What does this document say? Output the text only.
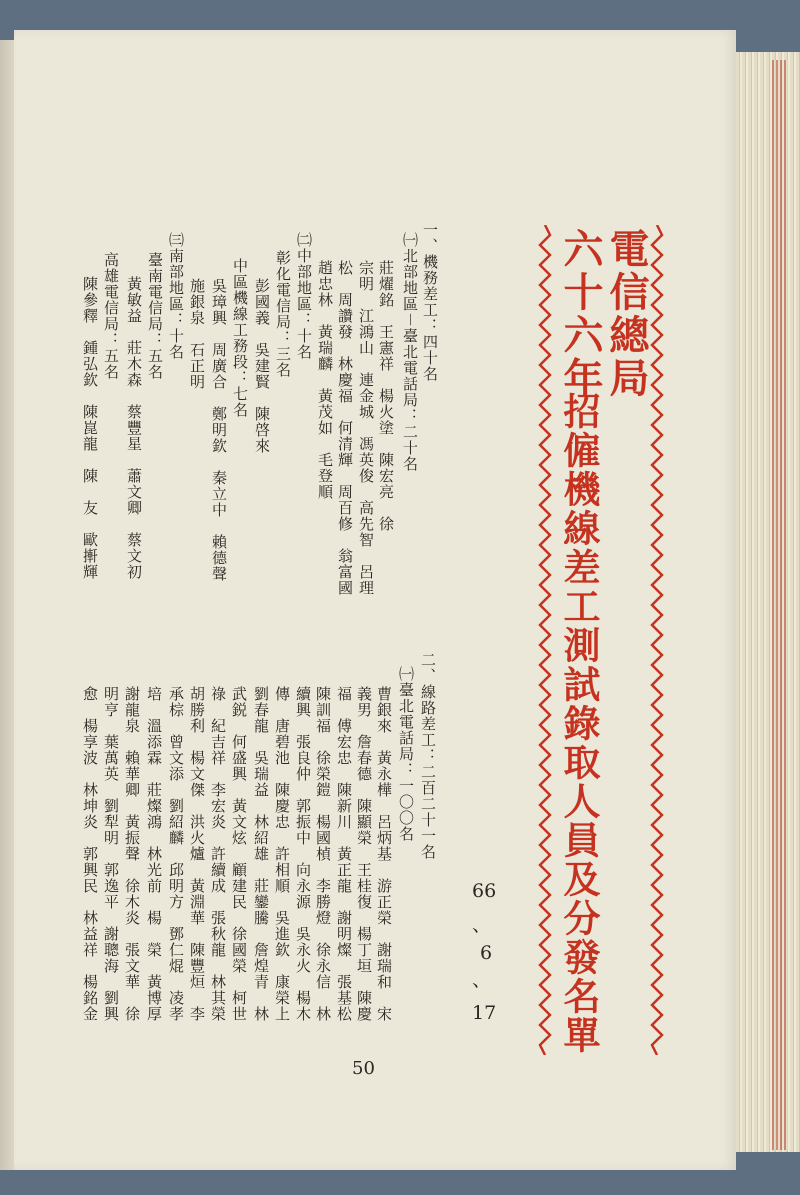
電信總局
六十六年
招僱機線差工測試錄取人員及分發名單
66
、
6
、
17
一、機務差工：四十名
㈠北部地區－臺北電話局：二十名
莊燿銘　王憲祥　楊火塗　陳宏亮　徐
宗明　江鴻山　連金城　馮英俊　高先智　呂理
松　周讚發　林慶福　何清輝　周百修　翁富國
趙忠林　黃瑞麟　黃茂如　毛登順
㈡中部地區：十名
彰化電信局：三名
彭國義　吳建賢　陳啓來
中區機線工務段：七名
吳璋興　周廣合　鄭明欽　秦立中　賴德聲
施銀泉　石正明
㈢南部地區：十名
臺南電信局：五名
黃敏益　莊木森　蔡豐星　蕭文卿　蔡文初
高雄電信局：五名
陳參釋　鍾弘欽　陳崑龍　陳　友　歐搟輝
二、線路差工：二百二十一名
㈠臺北電話局：一〇〇名
曹銀來　黃永樺　呂炳基　游正榮　謝瑞和　宋
義男　詹春德　陳顯榮　王桂復　楊丁垣　陳慶
福　傅宏忠　陳新川　黃正龍　謝明燦　張基松
陳訓福　徐榮鎧　楊國楨　李勝燈　徐永信　林
續興　張良仲　郭振中　向永源　吳永火　楊木
傳　唐碧池　陳慶忠　許相順　吳進欽　康榮上
劉春龍　吳瑞益　林紹雄　莊鑾騰　詹煌青　林
武鋭　何盛興　黃文炫　顧建民　徐國榮　柯世
祿　紀吉祥　李宏炎　許續成　張秋龍　林其榮
胡勝利　楊文傑　洪火爐　黃淵華　陳豐烜　李
承棕　曾文添　劉紹麟　邱明方　鄧仁焜　凌孝
培　溫添霖　莊燦鴻　林光前　楊　榮　黃博厚
謝龍泉　賴華卿　黃振聲　徐木炎　張文華　徐
明亨　葉萬英　劉犁明　郭逸平　謝聰海　劉興
愈　楊享波　林坤炎　郭興民　林益祥　楊銘金
50
